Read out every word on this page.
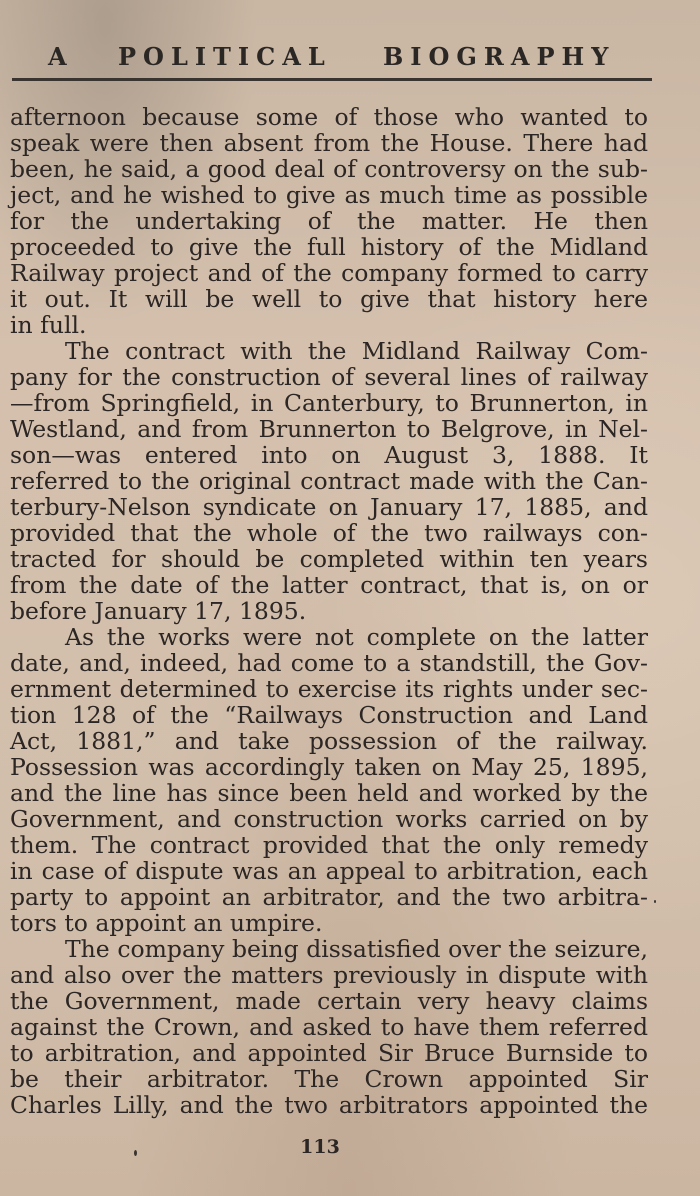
A POLITICAL BIOGRAPHY
afternoon because some of those who wanted to
speak were then absent from the House. There had
been, he said, a good deal of controversy on the sub-
ject, and he wished to give as much time as possible
for the undertaking of the matter. He then
proceeded to give the full history of the Midland
Railway project and of the company formed to carry
it out. It will be well to give that history here
in full.
The contract with the Midland Railway Com-
pany for the construction of several lines of railway
—from Springfield, in Canterbury, to Brunnerton, in
Westland, and from Brunnerton to Belgrove, in Nel-
son—was entered into on August 3, 1888. It
referred to the original contract made with the Can-
terbury-Nelson syndicate on January 17, 1885, and
provided that the whole of the two railways con-
tracted for should be completed within ten years
from the date of the latter contract, that is, on or
before January 17, 1895.
As the works were not complete on the latter
date, and, indeed, had come to a standstill, the Gov-
ernment determined to exercise its rights under sec-
tion 128 of the “Railways Construction and Land
Act, 1881,” and take possession of the railway.
Possession was accordingly taken on May 25, 1895,
and the line has since been held and worked by the
Government, and construction works carried on by
them. The contract provided that the only remedy
in case of dispute was an appeal to arbitration, each
party to appoint an arbitrator, and the two arbitra-
tors to appoint an umpire.
The company being dissatisfied over the seizure,
and also over the matters previously in dispute with
the Government, made certain very heavy claims
against the Crown, and asked to have them referred
to arbitration, and appointed Sir Bruce Burnside to
be their arbitrator. The Crown appointed Sir
Charles Lilly, and the two arbitrators appointed the
113
